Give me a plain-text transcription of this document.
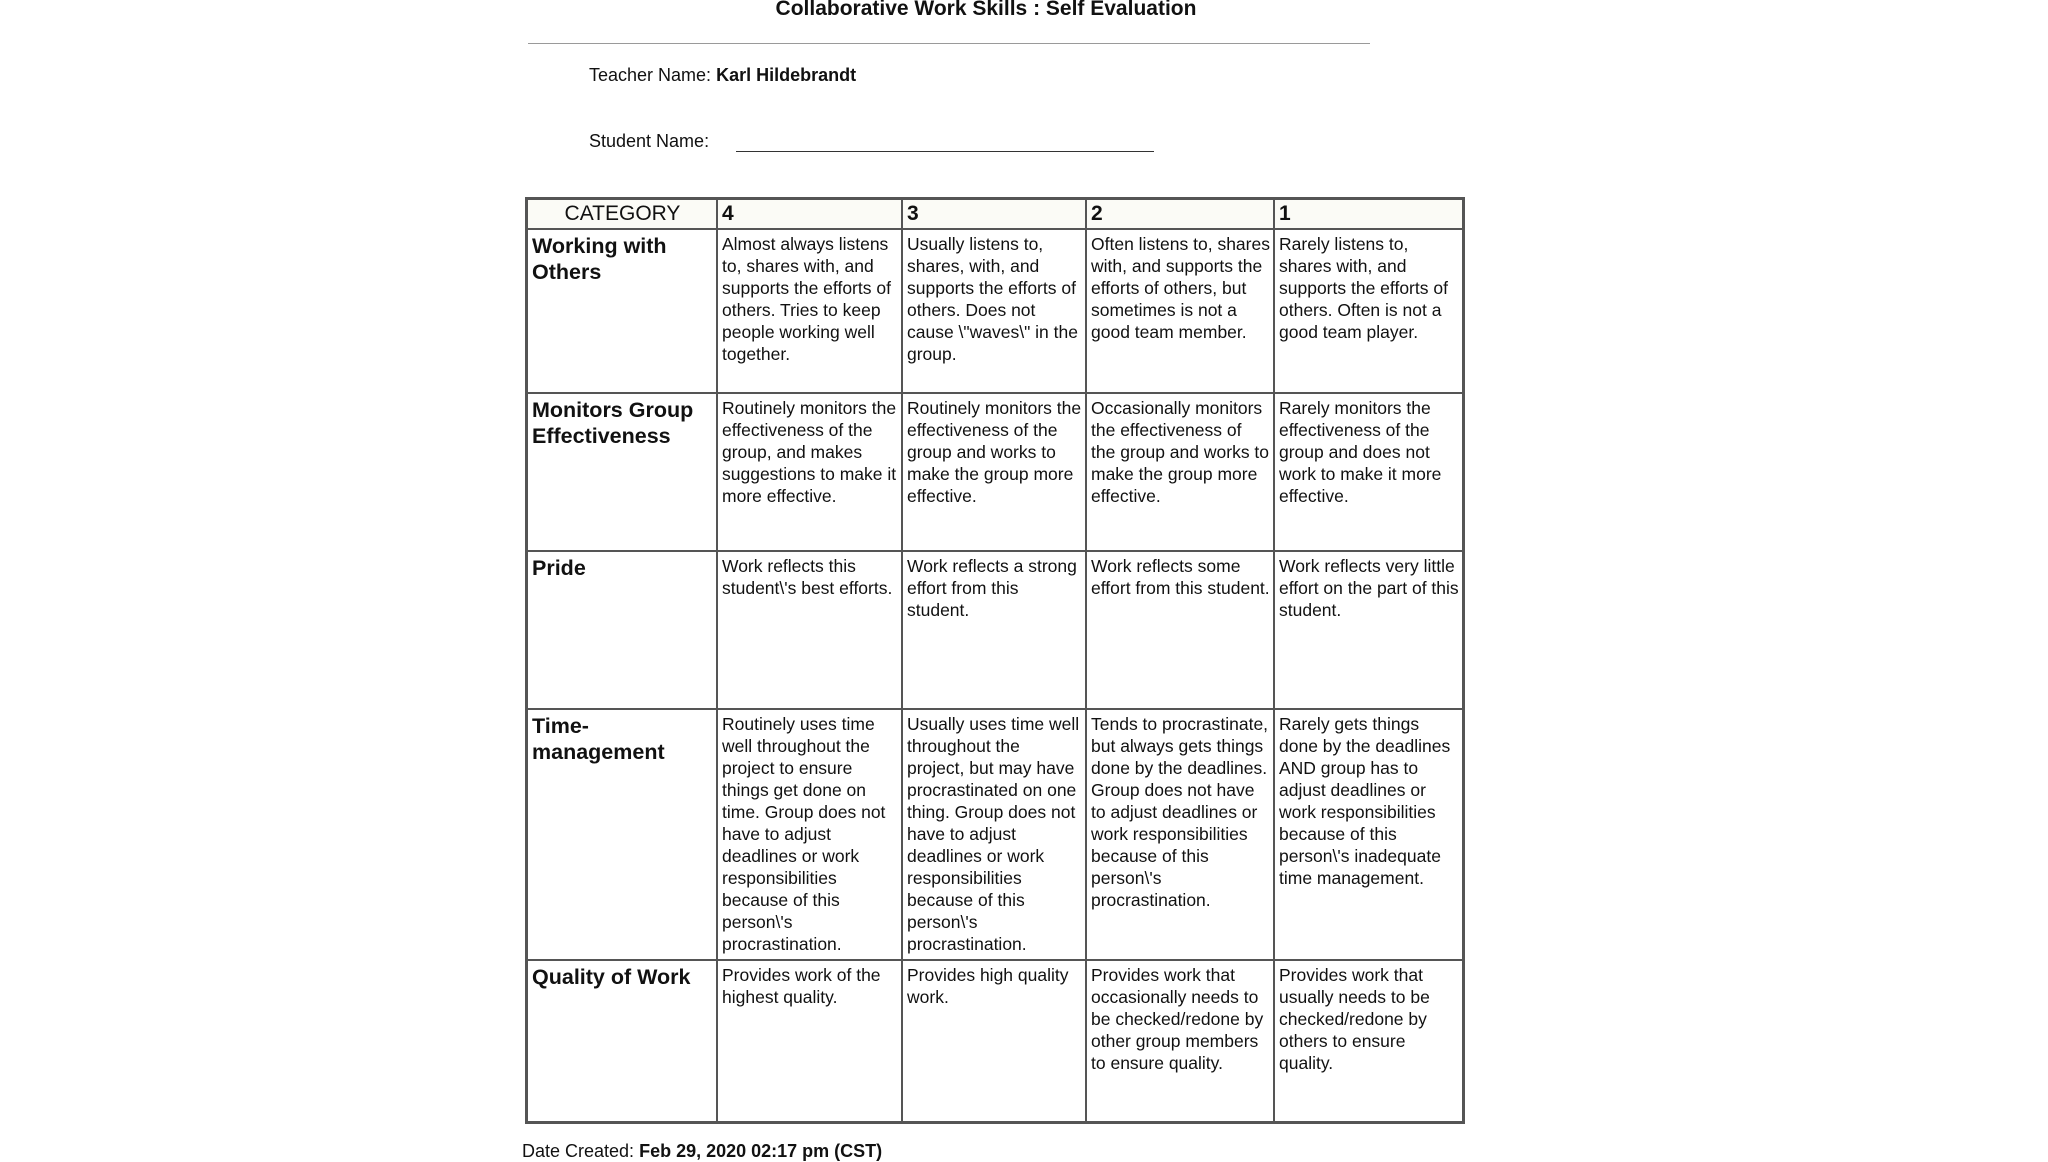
Collaborative Work Skills : Self Evaluation
Teacher Name: Karl Hildebrandt
Student Name:
CATEGORY	4	3	2	1
Working with Others	Almost always listens to, shares with, and supports the efforts of others. Tries to keep people working well together.	Usually listens to, shares, with, and supports the efforts of others. Does not cause \"waves\" in the group.	Often listens to, shares with, and supports the efforts of others, but sometimes is not a good team member.	Rarely listens to, shares with, and supports the efforts of others. Often is not a good team player.
Monitors Group Effectiveness	Routinely monitors the effectiveness of the group, and makes suggestions to make it more effective.	Routinely monitors the effectiveness of the group and works to make the group more effective.	Occasionally monitors the effectiveness of the group and works to make the group more effective.	Rarely monitors the effectiveness of the group and does not work to make it more effective.
Pride	Work reflects this student\'s best efforts.	Work reflects a strong effort from this student.	Work reflects some effort from this student.	Work reflects very little effort on the part of this student.
Time-management	Routinely uses time well throughout the project to ensure things get done on time. Group does not have to adjust deadlines or work responsibilities because of this person\'s procrastination.	Usually uses time well throughout the project, but may have procrastinated on one thing. Group does not have to adjust deadlines or work responsibilities because of this person\'s procrastination.	Tends to procrastinate, but always gets things done by the deadlines. Group does not have to adjust deadlines or work responsibilities because of this person\'s procrastination.	Rarely gets things done by the deadlines AND group has to adjust deadlines or work responsibilities because of this person\'s inadequate time management.
Quality of Work	Provides work of the highest quality.	Provides high quality work.	Provides work that occasionally needs to be checked/redone by other group members to ensure quality.	Provides work that usually needs to be checked/redone by others to ensure quality.
Date Created: Feb 29, 2020 02:17 pm (CST)
